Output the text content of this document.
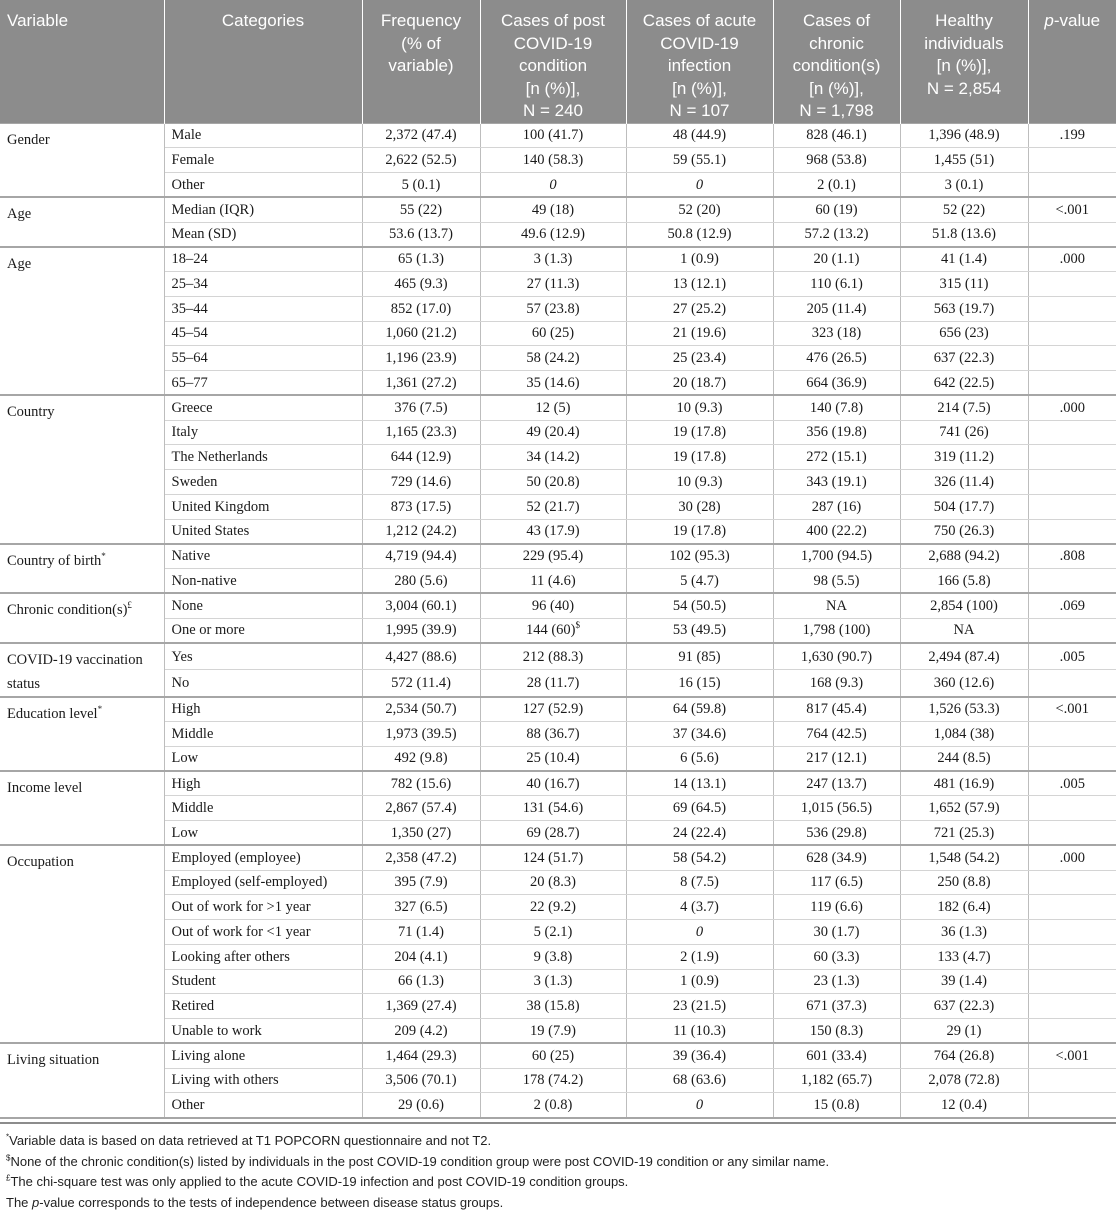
Variable	Categories	Frequency (% of variable)	Cases of post COVID-19 condition
[n (%)],
N = 240	Cases of acute COVID-19 infection
[n (%)],
N = 107	Cases of chronic condition(s)
[n (%)],
N = 1,798	Healthy individuals
[n (%)],
N = 2,854	p-value
Gender	Male	2,372 (47.4)	100 (41.7)	48 (44.9)	828 (46.1)	1,396 (48.9)	.199
	Female	2,622 (52.5)	140 (58.3)	59 (55.1)	968 (53.8)	1,455 (51)	
	Other	5 (0.1)	0	0	2 (0.1)	3 (0.1)	
Age	Median (IQR)	55 (22)	49 (18)	52 (20)	60 (19)	52 (22)	<.001
	Mean (SD)	53.6 (13.7)	49.6 (12.9)	50.8 (12.9)	57.2 (13.2)	51.8 (13.6)	
Age	18–24	65 (1.3)	3 (1.3)	1 (0.9)	20 (1.1)	41 (1.4)	.000
	25–34	465 (9.3)	27 (11.3)	13 (12.1)	110 (6.1)	315 (11)	
	35–44	852 (17.0)	57 (23.8)	27 (25.2)	205 (11.4)	563 (19.7)	
	45–54	1,060 (21.2)	60 (25)	21 (19.6)	323 (18)	656 (23)	
	55–64	1,196 (23.9)	58 (24.2)	25 (23.4)	476 (26.5)	637 (22.3)	
	65–77	1,361 (27.2)	35 (14.6)	20 (18.7)	664 (36.9)	642 (22.5)	
Country	Greece	376 (7.5)	12 (5)	10 (9.3)	140 (7.8)	214 (7.5)	.000
	Italy	1,165 (23.3)	49 (20.4)	19 (17.8)	356 (19.8)	741 (26)	
	The Netherlands	644 (12.9)	34 (14.2)	19 (17.8)	272 (15.1)	319 (11.2)	
	Sweden	729 (14.6)	50 (20.8)	10 (9.3)	343 (19.1)	326 (11.4)	
	United Kingdom	873 (17.5)	52 (21.7)	30 (28)	287 (16)	504 (17.7)	
	United States	1,212 (24.2)	43 (17.9)	19 (17.8)	400 (22.2)	750 (26.3)	
Country of birth*	Native	4,719 (94.4)	229 (95.4)	102 (95.3)	1,700 (94.5)	2,688 (94.2)	.808
	Non-native	280 (5.6)	11 (4.6)	5 (4.7)	98 (5.5)	166 (5.8)	
Chronic condition(s)£	None	3,004 (60.1)	96 (40)	54 (50.5)	NA	2,854 (100)	.069
	One or more	1,995 (39.9)	144 (60)$	53 (49.5)	1,798 (100)	NA	
COVID-19 vaccination status	Yes	4,427 (88.6)	212 (88.3)	91 (85)	1,630 (90.7)	2,494 (87.4)	.005
	No	572 (11.4)	28 (11.7)	16 (15)	168 (9.3)	360 (12.6)	
Education level*	High	2,534 (50.7)	127 (52.9)	64 (59.8)	817 (45.4)	1,526 (53.3)	<.001
	Middle	1,973 (39.5)	88 (36.7)	37 (34.6)	764 (42.5)	1,084 (38)	
	Low	492 (9.8)	25 (10.4)	6 (5.6)	217 (12.1)	244 (8.5)	
Income level	High	782 (15.6)	40 (16.7)	14 (13.1)	247 (13.7)	481 (16.9)	.005
	Middle	2,867 (57.4)	131 (54.6)	69 (64.5)	1,015 (56.5)	1,652 (57.9)	
	Low	1,350 (27)	69 (28.7)	24 (22.4)	536 (29.8)	721 (25.3)	
Occupation	Employed (employee)	2,358 (47.2)	124 (51.7)	58 (54.2)	628 (34.9)	1,548 (54.2)	.000
	Employed (self-employed)	395 (7.9)	20 (8.3)	8 (7.5)	117 (6.5)	250 (8.8)	
	Out of work for >1 year	327 (6.5)	22 (9.2)	4 (3.7)	119 (6.6)	182 (6.4)	
	Out of work for <1 year	71 (1.4)	5 (2.1)	0	30 (1.7)	36 (1.3)	
	Looking after others	204 (4.1)	9 (3.8)	2 (1.9)	60 (3.3)	133 (4.7)	
	Student	66 (1.3)	3 (1.3)	1 (0.9)	23 (1.3)	39 (1.4)	
	Retired	1,369 (27.4)	38 (15.8)	23 (21.5)	671 (37.3)	637 (22.3)	
	Unable to work	209 (4.2)	19 (7.9)	11 (10.3)	150 (8.3)	29 (1)	
Living situation	Living alone	1,464 (29.3)	60 (25)	39 (36.4)	601 (33.4)	764 (26.8)	<.001
	Living with others	3,506 (70.1)	178 (74.2)	68 (63.6)	1,182 (65.7)	2,078 (72.8)	
	Other	29 (0.6)	2 (0.8)	0	15 (0.8)	12 (0.4)	
*Variable data is based on data retrieved at T1 POPCORN questionnaire and not T2.
$None of the chronic condition(s) listed by individuals in the post COVID-19 condition group were post COVID-19 condition or any similar name.
£The chi-square test was only applied to the acute COVID-19 infection and post COVID-19 condition groups.
The p-value corresponds to the tests of independence between disease status groups.
